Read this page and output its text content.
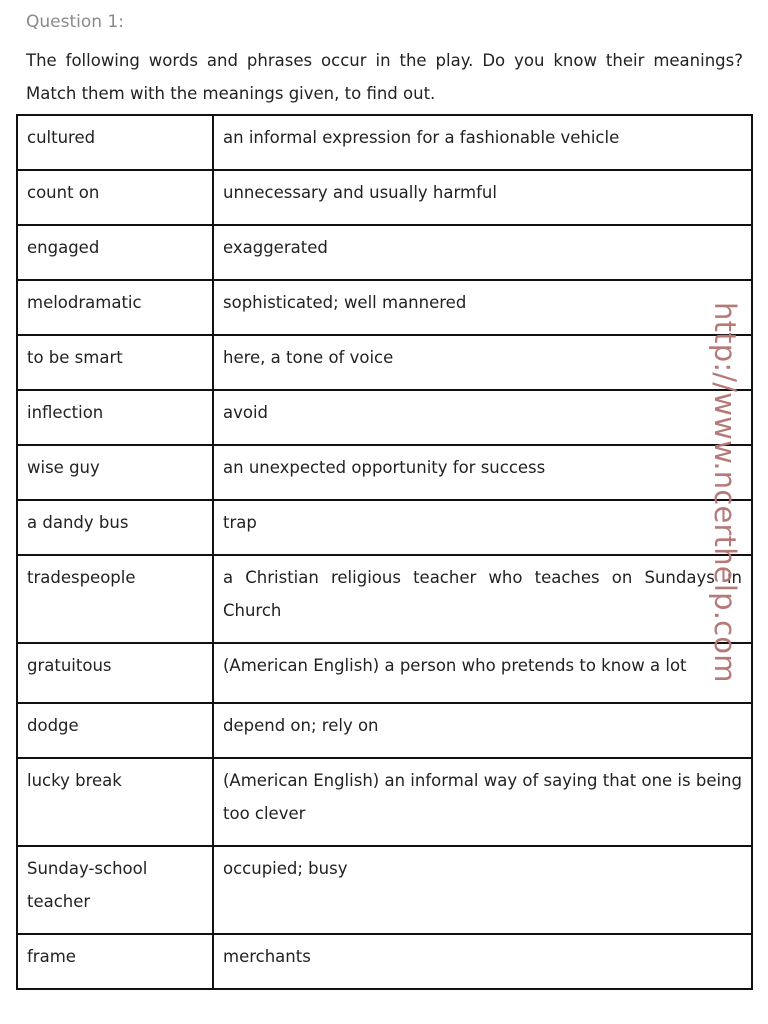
Question 1:

The following words and phrases occur in the play. Do you know their meanings? Match them with the meanings given, to find out.

cultured	an informal expression for a fashionable vehicle
count on	unnecessary and usually harmful
engaged	exaggerated
melodramatic	sophisticated; well mannered
to be smart	here, a tone of voice
inflection	avoid
wise guy	an unexpected opportunity for success
a dandy bus	trap
tradespeople	a Christian religious teacher who teaches on Sundays in Church
gratuitous	(American English) a person who pretends to know a lot
dodge	depend on; rely on
lucky break	(American English) an informal way of saying that one is being too clever
Sunday-school teacher	occupied; busy
frame	merchants
http://www.ncerthelp.com
